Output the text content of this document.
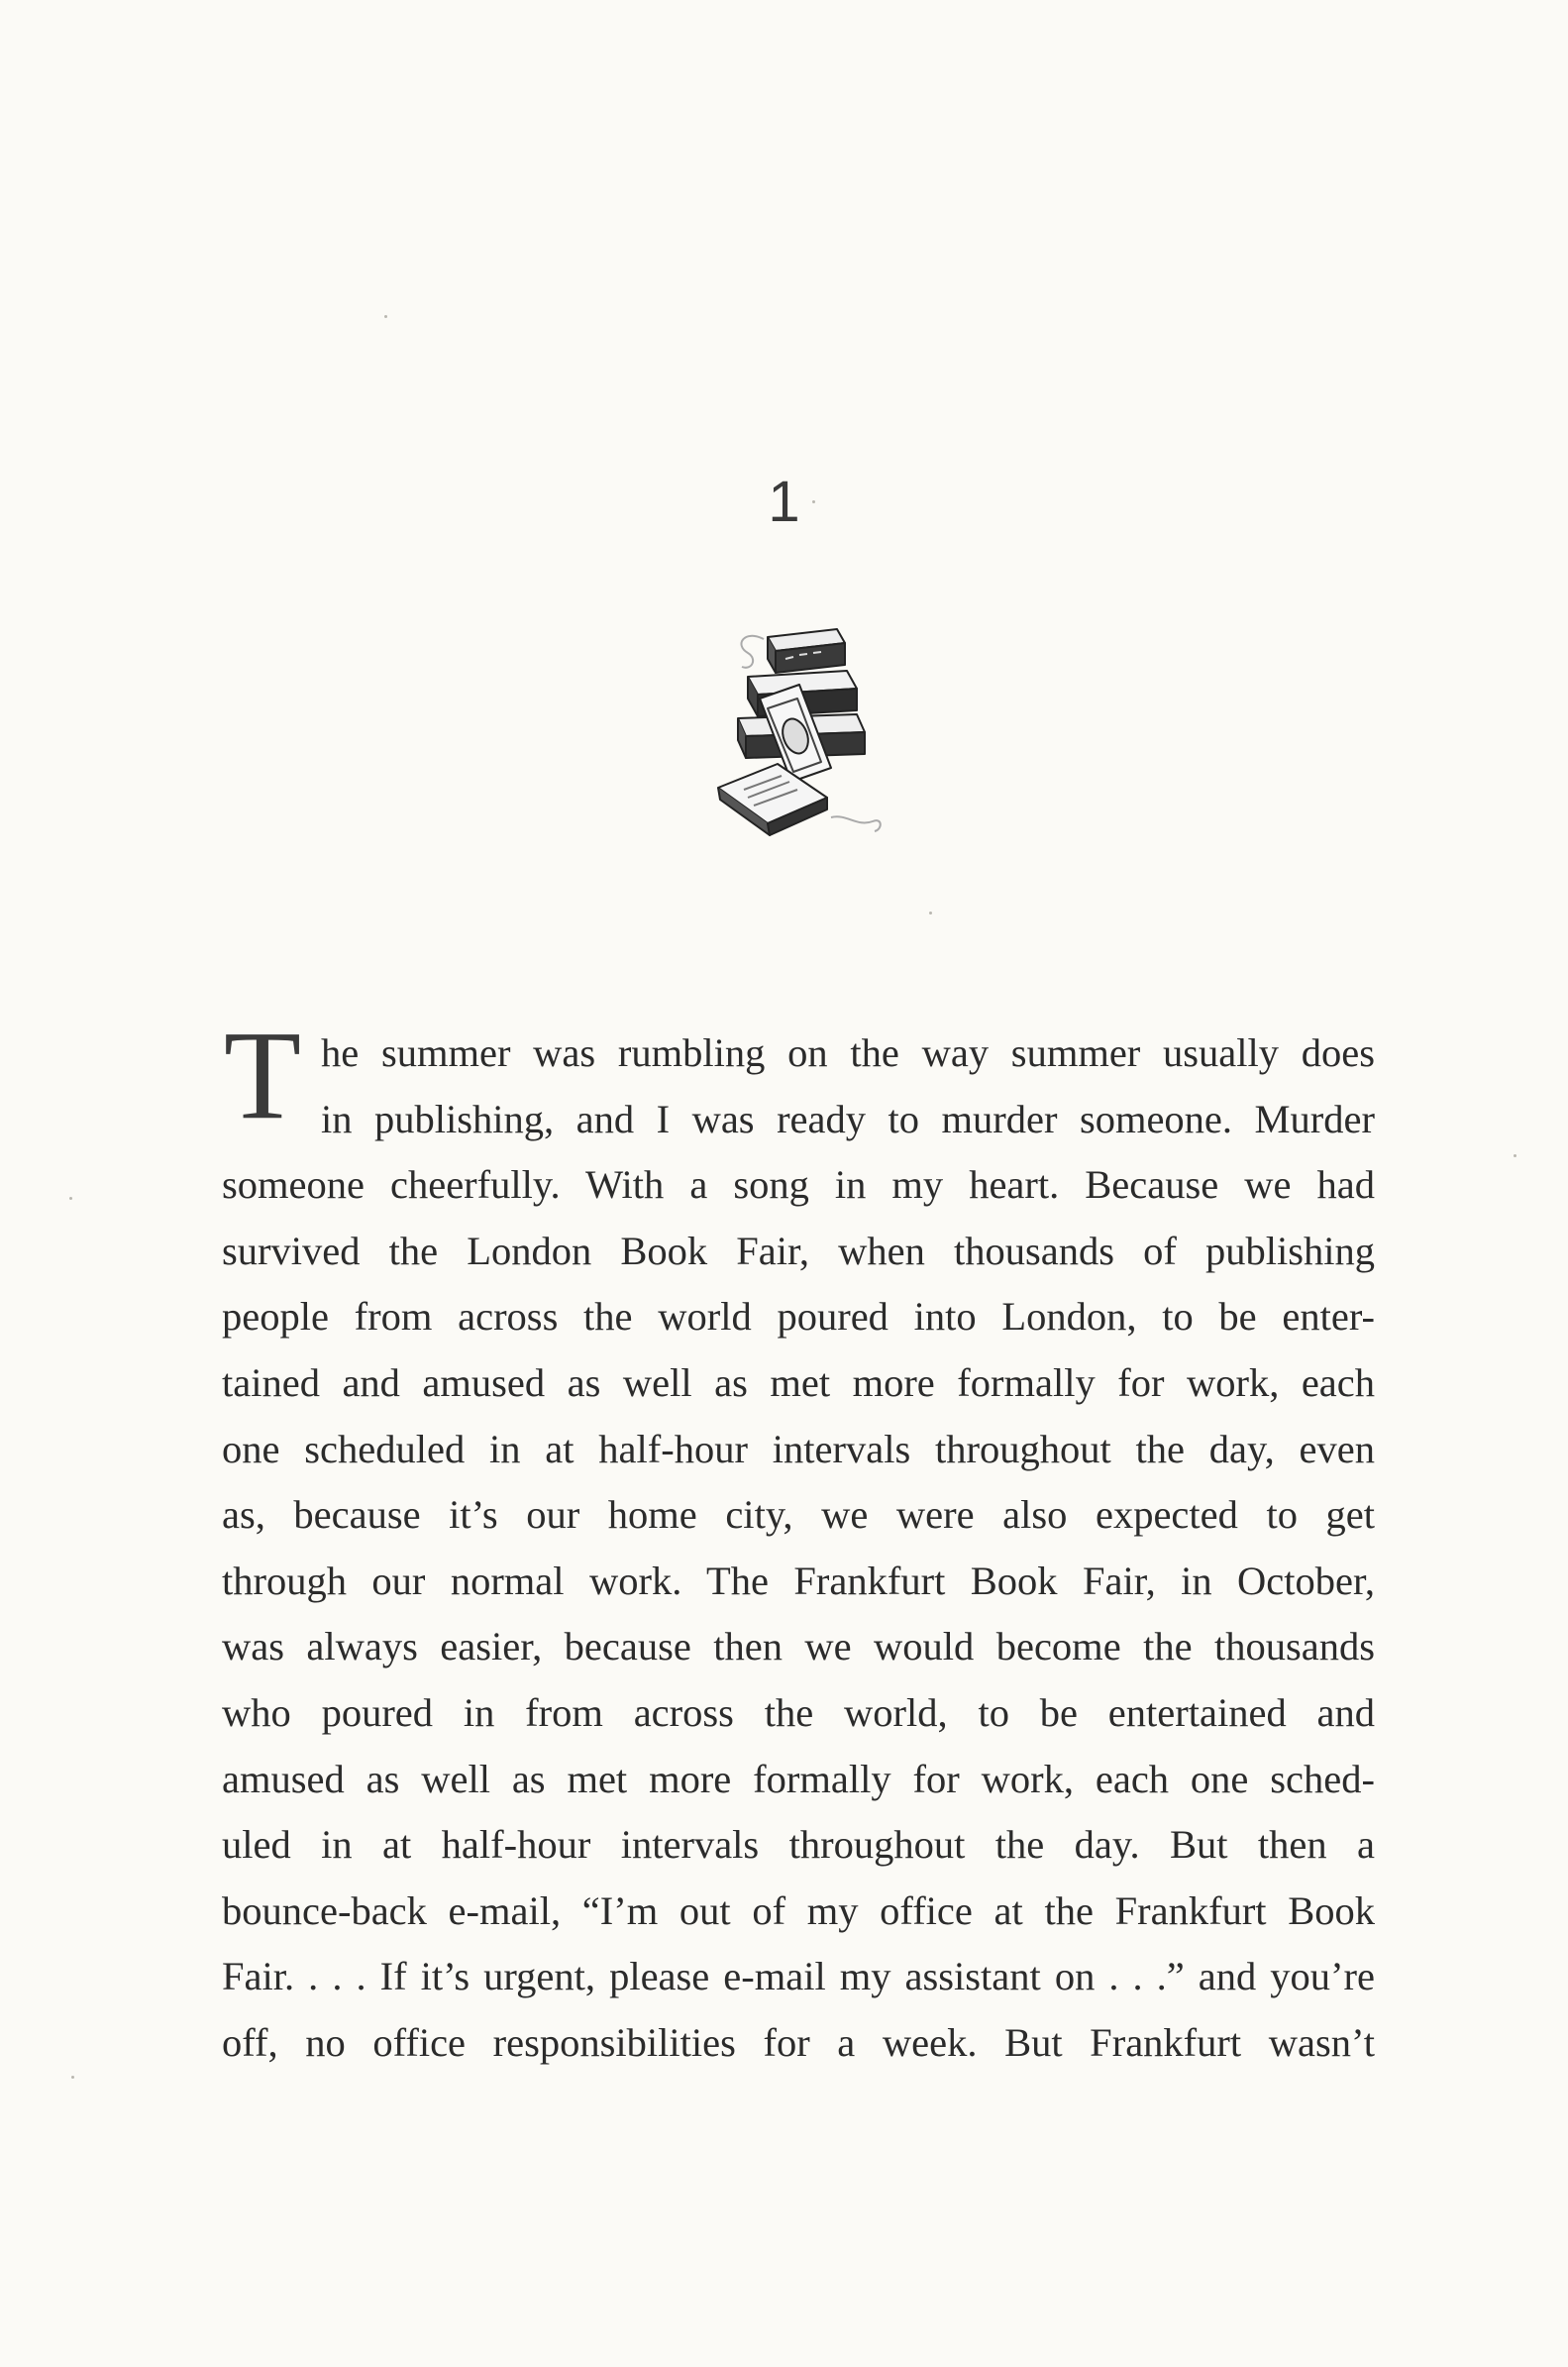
1
T he summer was rumbling on the way summer usually does
in publishing, and I was ready to murder someone. Murder
someone cheerfully. With a song in my heart. Because we had
survived the London Book Fair, when thousands of publishing
people from across the world poured into London, to be enter-
tained and amused as well as met more formally for work, each
one scheduled in at half-hour intervals throughout the day, even
as, because it’s our home city, we were also expected to get
through our normal work. The Frankfurt Book Fair, in October,
was always easier, because then we would become the thousands
who poured in from across the world, to be entertained and
amused as well as met more formally for work, each one sched-
uled in at half-hour intervals throughout the day. But then a
bounce-back e-mail, “I’m out of my office at the Frankfurt Book
Fair. . . . If it’s urgent, please e-mail my assistant on . . .” and you’re
off, no office responsibilities for a week. But Frankfurt wasn’t
